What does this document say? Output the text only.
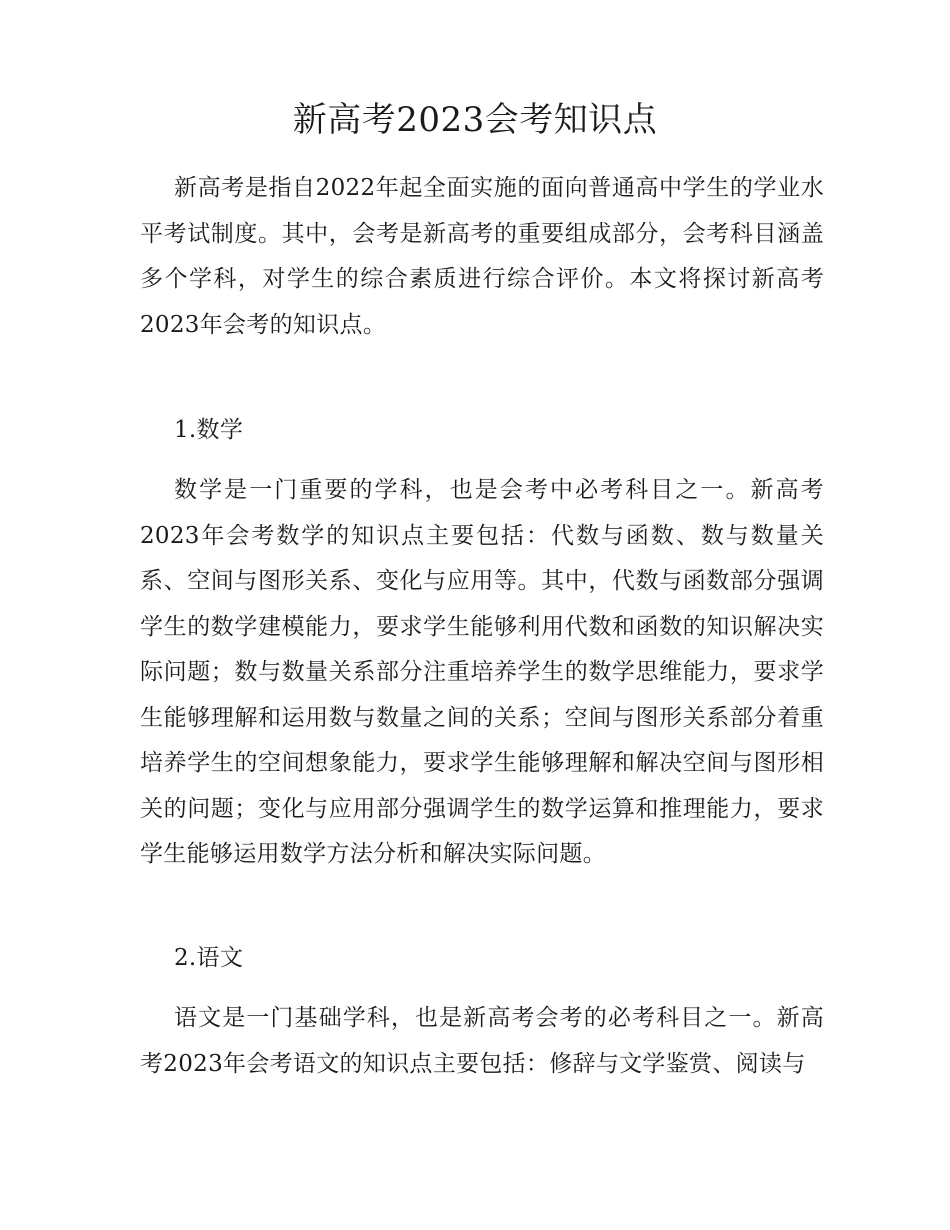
新高考2023会考知识点

新高考是指自2022年起全面实施的面向普通高中学生的学业水平考试制度。其中，会考是新高考的重要组成部分，会考科目涵盖多个学科，对学生的综合素质进行综合评价。本文将探讨新高考2023年会考的知识点。

1.数学

数学是一门重要的学科，也是会考中必考科目之一。新高考2023年会考数学的知识点主要包括：代数与函数、数与数量关系、空间与图形关系、变化与应用等。其中，代数与函数部分强调学生的数学建模能力，要求学生能够利用代数和函数的知识解决实际问题；数与数量关系部分注重培养学生的数学思维能力，要求学生能够理解和运用数与数量之间的关系；空间与图形关系部分着重培养学生的空间想象能力，要求学生能够理解和解决空间与图形相关的问题；变化与应用部分强调学生的数学运算和推理能力，要求学生能够运用数学方法分析和解决实际问题。

2.语文

语文是一门基础学科，也是新高考会考的必考科目之一。新高考2023年会考语文的知识点主要包括：修辞与文学鉴赏、阅读与
